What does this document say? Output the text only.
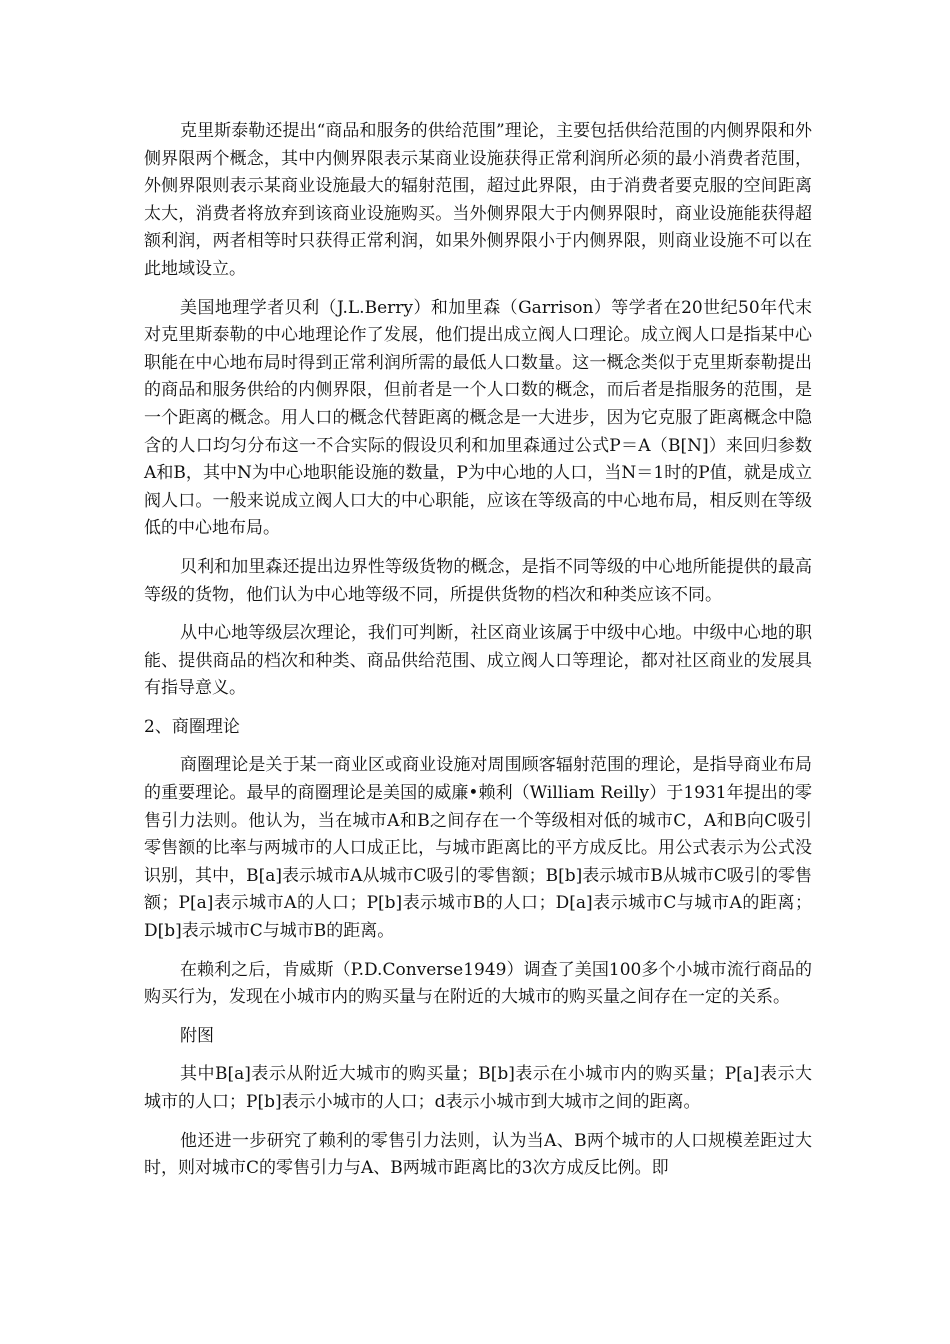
克里斯泰勒还提出“商品和服务的供给范围”理论，主要包括供给范围的内侧界限和外侧界限两个概念，其中内侧界限表示某商业设施获得正常利润所必须的最小消费者范围，外侧界限则表示某商业设施最大的辐射范围，超过此界限，由于消费者要克服的空间距离太大，消费者将放弃到该商业设施购买。当外侧界限大于内侧界限时，商业设施能获得超额利润，两者相等时只获得正常利润，如果外侧界限小于内侧界限，则商业设施不可以在此地域设立。

美国地理学者贝利（J.L.Berry）和加里森（Garrison）等学者在20世纪50年代末对克里斯泰勒的中心地理论作了发展，他们提出成立阀人口理论。成立阀人口是指某中心职能在中心地布局时得到正常利润所需的最低人口数量。这一概念类似于克里斯泰勒提出的商品和服务供给的内侧界限，但前者是一个人口数的概念，而后者是指服务的范围，是一个距离的概念。用人口的概念代替距离的概念是一大进步，因为它克服了距离概念中隐含的人口均匀分布这一不合实际的假设贝利和加里森通过公式P＝A（B[N]）来回归参数A和B，其中N为中心地职能设施的数量，P为中心地的人口，当N＝1时的P值，就是成立阀人口。一般来说成立阀人口大的中心职能，应该在等级高的中心地布局，相反则在等级低的中心地布局。

贝利和加里森还提出边界性等级货物的概念，是指不同等级的中心地所能提供的最高等级的货物，他们认为中心地等级不同，所提供货物的档次和种类应该不同。

从中心地等级层次理论，我们可判断，社区商业该属于中级中心地。中级中心地的职能、提供商品的档次和种类、商品供给范围、成立阀人口等理论，都对社区商业的发展具有指导意义。

2、商圈理论

商圈理论是关于某一商业区或商业设施对周围顾客辐射范围的理论，是指导商业布局的重要理论。最早的商圈理论是美国的威廉•赖利（William Reilly）于1931年提出的零售引力法则。他认为，当在城市A和B之间存在一个等级相对低的城市C，A和B向C吸引零售额的比率与两城市的人口成正比，与城市距离比的平方成反比。用公式表示为公式没识别，其中，B[a]表示城市A从城市C吸引的零售额；B[b]表示城市B从城市C吸引的零售额；P[a]表示城市A的人口；P[b]表示城市B的人口；D[a]表示城市C与城市A的距离；D[b]表示城市C与城市B的距离。

在赖利之后，肯威斯（P.D.Converse1949）调查了美国100多个小城市流行商品的购买行为，发现在小城市内的购买量与在附近的大城市的购买量之间存在一定的关系。

附图

其中B[a]表示从附近大城市的购买量；B[b]表示在小城市内的购买量；P[a]表示大城市的人口；P[b]表示小城市的人口；d表示小城市到大城市之间的距离。

他还进一步研究了赖利的零售引力法则，认为当A、B两个城市的人口规模差距过大时，则对城市C的零售引力与A、B两城市距离比的3次方成反比例。即
